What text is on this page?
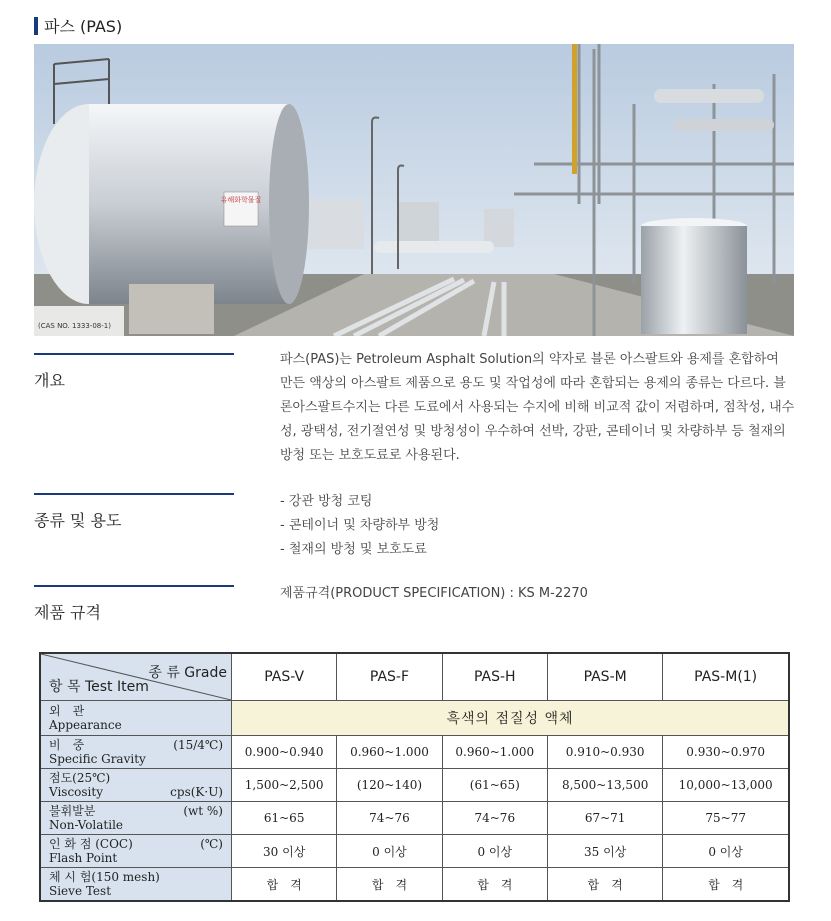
파스 (PAS)
유해화학물질
(CAS NO. 1333-08-1)
개요

파스(PAS)는 Petroleum Asphalt Solution의 약자로 블론 아스팔트와 용제를 혼합하여 만든 액상의 아스팔트 제품으로 용도 및 작업성에 따라 혼합되는 용제의 종류는 다르다. 블론아스팔트수지는 다른 도료에서 사용되는 수지에 비해 비교적 값이 저렴하며, 점착성, 내수성, 광택성, 전기절연성 및 방청성이 우수하여 선박, 강판, 콘테이너 및 차량하부 등 철재의 방청 또는 보호도료로 사용된다.

종류 및 용도
- 강관 방청 코팅
- 콘테이너 및 차량하부 방청
- 철재의 방청 및 보호도료
제품 규격

제품규격(PRODUCT SPECIFICATION) : KS M-2270

종 류 Grade
항 목 Test Item	PAS-V	PAS-F	PAS-H	PAS-M	PAS-M(1)

외　관
Appearance	흑색의 점질성 액체				

비　중 (15/4℃)
Specific Gravity	0.900~0.940	0.960~1.000	0.960~1.000	0.910~0.930	0.930~0.970

점도(25℃)
Viscosity cps(K·U)	1,500~2,500	(120~140)	(61~65)	8,500~13,500	10,000~13,000

불휘발분 (wt %)
Non-Volatile	61~65	74~76	74~76	67~71	75~77

인 화 점 (COC) (℃)
Flash Point	30 이상	0 이상	0 이상	35 이상	0 이상

체 시 험(150 mesh)
Sieve Test	합　격	합　격	합　격	합　격	합　격
